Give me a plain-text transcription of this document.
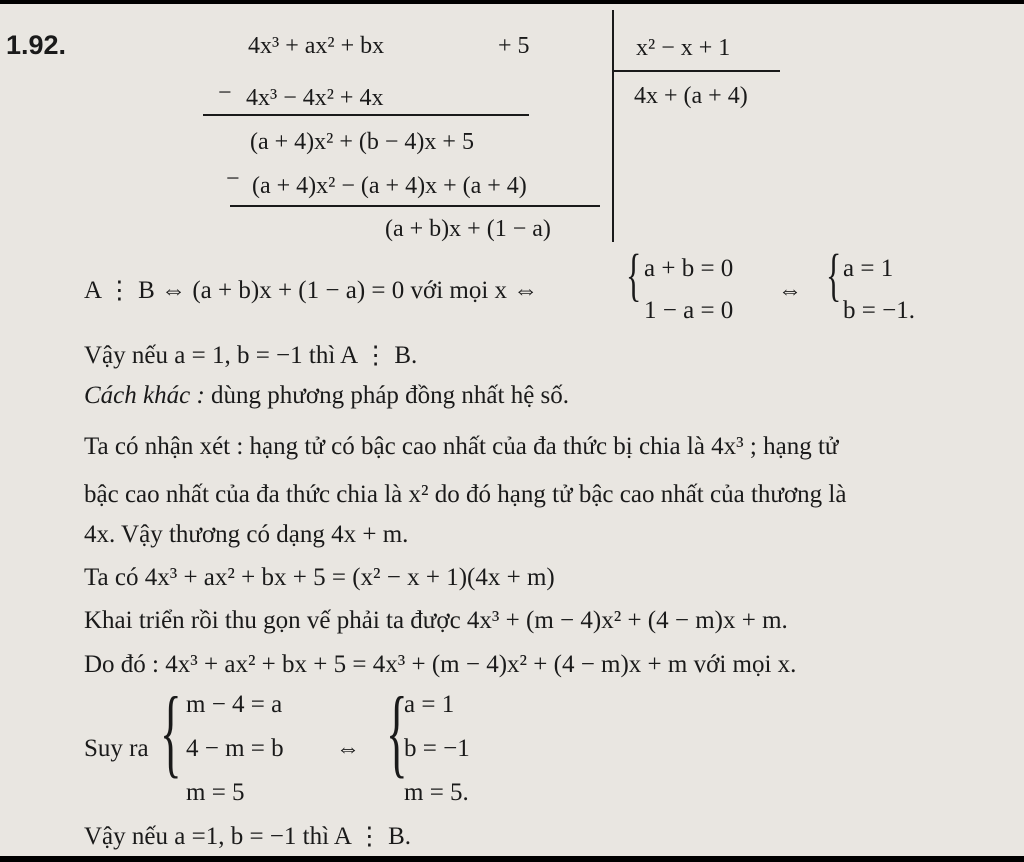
1.92.	4x³ + ax² + bx	+ 5
− 4x³ − 4x² + 4x
(a + 4)x² + (b − 4)x + 5
− (a + 4)x² − (a + 4)x + (a + 4)
(a + b)x + (1 − a)
x² − x + 1
4x + (a + 4)
A ⋮ B ⇔ (a + b)x + (1 − a) = 0 với mọi x ⇔ { a + b = 0
1 − a = 0
⇔ { a = 1
b = −1.
Vậy nếu a = 1, b = −1 thì A ⋮ B.
Cách khác : dùng phương pháp đồng nhất hệ số.
Ta có nhận xét : hạng tử có bậc cao nhất của đa thức bị chia là 4x³ ; hạng tử
bậc cao nhất của đa thức chia là x² do đó hạng tử bậc cao nhất của thương là
4x. Vậy thương có dạng 4x + m.
Ta có 4x³ + ax² + bx + 5 = (x² − x + 1)(4x + m)
Khai triển rồi thu gọn vế phải ta được 4x³ + (m − 4)x² + (4 − m)x + m.
Do đó : 4x³ + ax² + bx + 5 = 4x³ + (m − 4)x² + (4 − m)x + m với mọi x.
Suy ra { m − 4 = a
4 − m = b
m = 5
⇔ {
a = 1
b = −1
m = 5.
Vậy nếu a =1, b = −1 thì A ⋮ B.
